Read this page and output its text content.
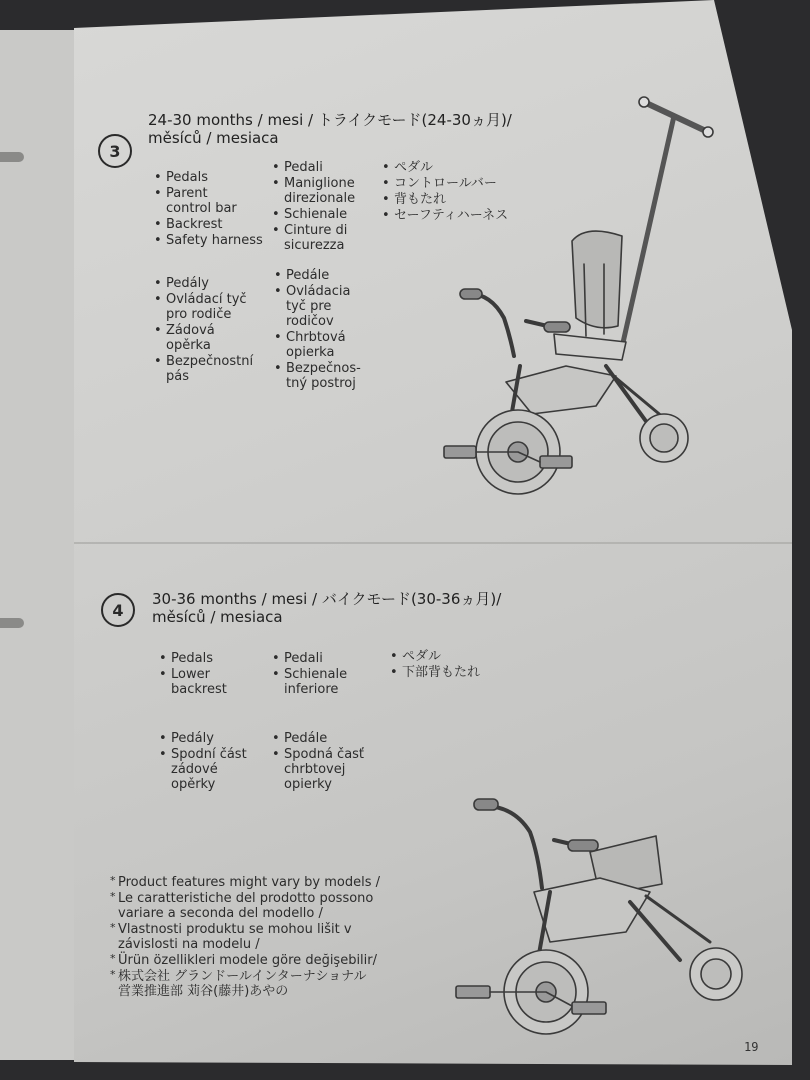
3
24-30 months / mesi / トライクモード(24-30ヵ月)/
měsíců / mesiaca
• Pedals
• Parent
control bar
• Backrest
• Safety harness
• Pedali
• Maniglione
direzionale
• Schienale
• Cinture di
sicurezza
• ペダル
• コントロールバー
• 背もたれ
• セーフティハーネス
• Pedály
• Ovládací tyč
pro rodiče
• Zádová
opěrka
• Bezpečnostní
pás
• Pedále
• Ovládacia
tyč pre
rodičov
• Chrbtová
opierka
• Bezpečnos-
tný postroj
4
30-36 months / mesi / バイクモード(30-36ヵ月)/
měsíců / mesiaca
• Pedals
• Lower
backrest
• Pedali
• Schienale
inferiore
• ペダル
• 下部背もたれ
• Pedály
• Spodní část
zádové
opěrky
• Pedále
• Spodná časť
chrbtovej
opierky
* Product features might vary by models /
* Le caratteristiche del prodotto possono
variare a seconda del modello /
* Vlastnosti produktu se mohou lišit v
závislosti na modelu /
* Ürün özellikleri modele göre değişebilir/
* 株式会社 グランドールインターナショナル
営業推進部 苅谷(藤井)あやの
19
